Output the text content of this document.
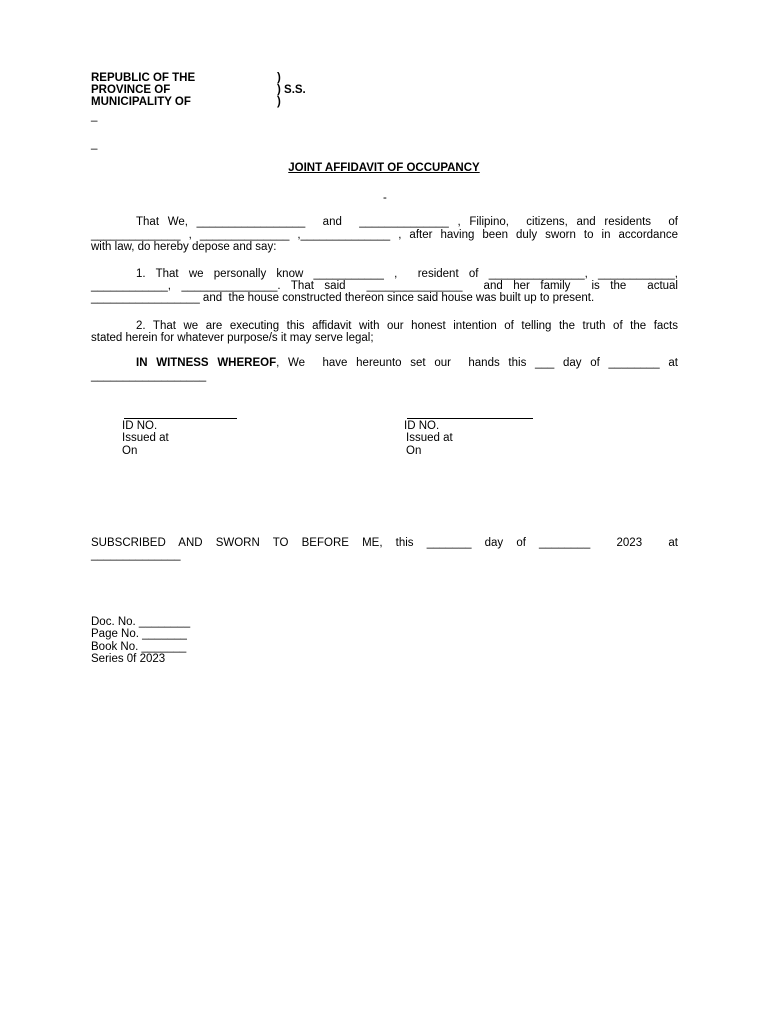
REPUBLIC OF THE
PROVINCE OF
MUNICIPALITY OF
)
) S.S.
)
_
_
JOINT AFFIDAVIT OF OCCUPANCY
-
That We, _________________  and  ______________ , Filipino,  citizens, and residents  of
______________ , ______________ ,______________ , after having been duly sworn to in accordance
with law, do hereby depose and say:
1. That we personally know ___________ ,  resident of _______________, ____________,
____________, _______________. That said  _______________  and her family  is the  actual
_________________ and  the house constructed thereon since said house was built up to present.
2. That we are executing this affidavit with our honest intention of telling the truth of the facts
stated herein for whatever purpose/s it may serve legal;
IN WITNESS WHEREOF, We  have hereunto set our  hands this ___ day of ________ at
__________________
ID NO.
Issued at
On
ID NO.
Issued at
On
SUBSCRIBED  AND  SWORN  TO  BEFORE  ME,  this  _______  day  of  ________    2023    at
______________
Doc. No. ________
Page No. _______
Book No. _______
Series 0f 2023
